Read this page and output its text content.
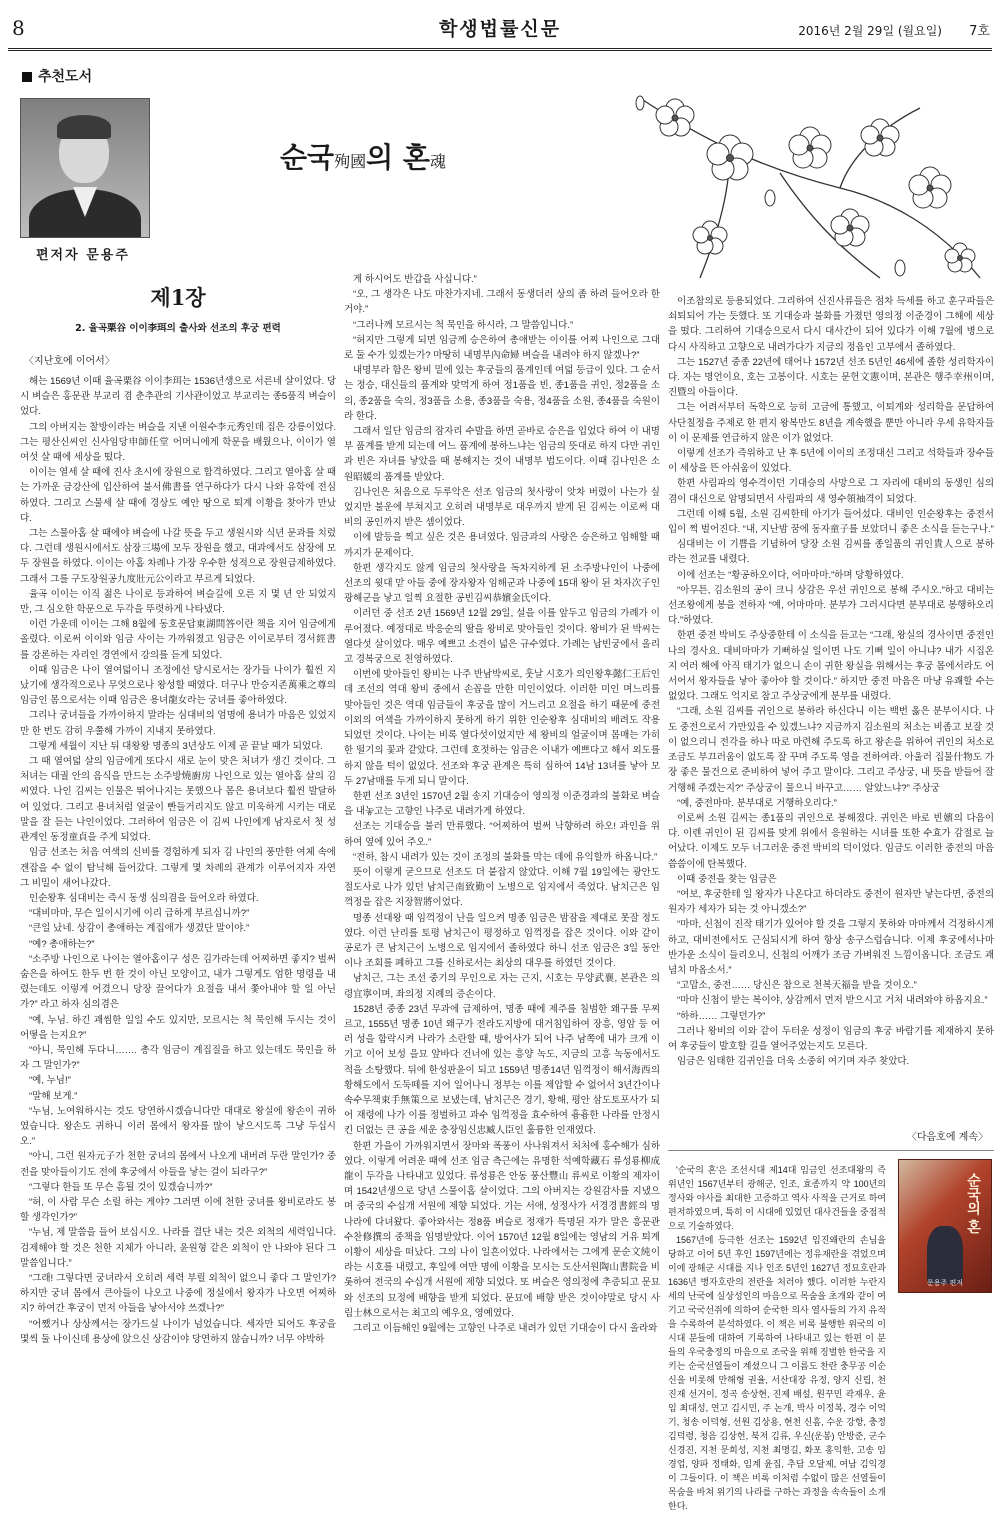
8	학생법률신문	2016년 2월 29일 (월요일) 7호
추천도서
편저자 문용주
순국殉國의 혼魂
제1장
2. 율곡栗谷 이이李珥의 출사와 선조의 후궁 편력
〈지난호에 이어서〉

해는 1569년 이때 율곡栗谷 이이李珥는 1536년생으로 서른네 살이었다. 당시 벼슬은 홍문관 부교리 겸 춘추관의 기사관이었고 부교리는 종5품직 벼슬이었다.

그의 아버지는 찰방이라는 벼슬을 지낸 이원수李元秀인데 집은 강릉이었다. 그는 평산신씨인 신사임당申師任堂 어머니에게 학문을 배웠으나, 이이가 열여섯 살 때에 세상을 떴다.

이이는 열세 살 때에 진사 초시에 장원으로 합격하였다. 그리고 열아홉 살 때는 가까운 금강산에 입산하여 불서佛書를 연구하다가 다시 나와 유학에 전심하였다. 그리고 스물세 살 때에 경상도 예안 땅으로 퇴계 이황을 찾아가 만났다.

그는 스물아홉 살 때에야 벼슬에 나갈 뜻을 두고 생원시와 식년 문과를 치렀다. 그런데 생원시에서도 삼장三場에 모두 장원을 했고, 대과에서도 삼장에 모두 장원을 하였다. 이이는 아홉 차례나 가장 우수한 성적으로 장원급제하였다. 그래서 그를 구도장원공九度壯元公이라고 부르게 되었다.

율곡 이이는 이직 젊은 나이로 등과하여 벼슬길에 오른 지 몇 년 안 되었지만, 그 심오한 학문으로 두각을 뚜렷하게 나타냈다.

이런 가운데 이이는 그해 8월에 동호문답東湖問答이란 책을 지어 임금에게 올렸다. 이로써 이이와 임금 사이는 가까워졌고 임금은 이이로부터 경서經書를 강론하는 자리인 경연에서 강의를 듣게 되었다.

이때 임금은 나이 열여덟이니 조정에선 당시로서는 장가들 나이가 훨씬 지났기에 생각적으로나 무엇으로나 왕성할 때였다. 더구나 만승지존萬乘之尊의 임금인 몸으로서는 이때 임금은 용녀龍女라는 궁녀를 좋아하였다.

그리나 궁녀들을 가까이하지 말라는 심대비의 엄명에 용녀가 마음은 있었지만 한 번도 감히 우쭐해 가까이 지내지 못하였다.

그렇게 세월이 지난 뒤 대왕왕 명종의 3년상도 이제 곧 끝날 때가 되었다.

그 때 열여덟 살의 임금에게 또다시 새로 눈이 맞은 처녀가 생긴 것이다. 그 처녀는 대궐 안의 음식을 만드는 소주방燒廚房 나인으로 있는 열아홉 살의 김씨였다. 나인 김씨는 인물은 뛰어나지는 못했으나 몸은 용녀보다 훨씬 발달하여 있었다. 그리고 용녀처럼 얼굴이 빤들거리지도 않고 미욱하게 시키는 대로 말을 잘 듣는 나인이었다. 그러하여 임금은 이 김씨 나인에게 남자로서 첫 성관계인 동정童貞을 주게 되었다.

임금 선조는 처음 여색의 신비를 경험하게 되자 김 나인의 풍만한 여체 속에 겐잡을 수 없이 탐닉해 들어갔다. 그렇게 몇 차례의 관계가 이루어지자 자연 그 비밀이 새어나갔다.

인순왕후 심대비는 즉시 동생 심의겸을 들어오라 하였다.

“대비마마, 무슨 일이시기에 이리 급하게 부르십니까?”

“큰일 났네. 상감이 총애하는 계집애가 생겼단 말이야.”

“예? 총애하는?”

“소주방 나인으로 나이는 열아홉이구 성은 김가라는데 어찌하면 좋지? 벌써 숨은을 하여도 한두 번 한 것이 아닌 모양이고, 내가 그렇게도 엄한 명령을 내렸는데도 이렇게 어겼으니 당장 끌어다가 요절을 내서 쫓아내야 할 일 아닌가?” 라고 하자 심의겸은

“예, 누님. 하긴 괘씸한 일일 수도 있지만, 모르시는 척 묵인해 두시는 것이 어떻을 는지요?”

“아니, 묵인해 두다니……. 총각 임금이 계집질을 하고 있는데도 묵인을 하자 그 말인가?”

“예, 누님!”

“말해 보게.”

“누님, 노여워하시는 것도 당연하시겠습니다만 대대로 왕실에 왕손이 귀하였습니다. 왕손도 귀하니 이러 몸에서 왕자를 많이 낳으시도록 그냥 두십시오.”

“아니, 그런 원자元子가 천한 궁녀의 몸에서 나오게 내버려 두란 말인가? 중전을 맞아들이기도 전에 후궁에서 아들을 낳는 걸이 되라구?”

“그렇다 한들 또 무슨 흠될 것이 있겠습니까?”

“허, 이 사람 무슨 소릴 하는 게야? 그러면 이에 천한 궁녀를 왕비로라도 봉할 생각인가?”

“누님, 제 말씀을 들어 보십시오. 나라를 결단 내는 것은 외척의 세력입니다. 검제해야 할 것은 천한 지체가 아니라, 윤원형 같은 외척이 안 나와야 된다 그 말씀입니다.”

“그래! 그렇다면 궁녀라서 오히려 세력 부릴 외척이 없으니 좋다 그 말인가? 하지만 궁녀 몸에서 큰아들이 나오고 나중에 정실에서 왕자가 나오면 어찌하지? 하여간 후궁이 먼저 아들을 낳아서야 쓰겠나?”

“어쨌거나 상상께서는 장가드실 나이가 넘었습니다. 세자만 되어도 후궁을 몇씩 둘 나이신데 용상에 앉으신 상감이야 당연하지 않습니까? 너무 야박하

게 하시어도 반갑을 사십니다.”

“오, 그 생각은 나도 마찬가지네. 그래서 동생더러 상의 좀 하려 들어오라 한 거야.”

“그러나께 모르시는 척 묵인을 하시라, 그 말씀입니다.”

“허지만 그렇게 되면 임금께 승은하여 총애받는 이이를 어찌 나인으로 그대로 둘 수가 있겠는가? 마땅히 내명부內命婦 벼슬을 내려야 하지 않겠나?”

내명부라 함은 왕비 밑에 있는 후궁들의 품계인데 여덟 등급이 있다. 그 순서는 정승, 대신들의 품계와 맞먹게 하여 정1품을 빈, 종1품을 귀인, 정2품을 소의, 종2품을 숙의, 정3품을 소용, 종3품을 숙용, 정4품을 소원, 종4품을 숙원이라 한다.

그래서 일단 임금의 잠자리 수발을 하면 곧바로 승은을 입었다 하여 이 내명부 품계를 받게 되는데 여느 품계에 봉하느냐는 임금의 뜻대로 하지 다만 귀인과 빈은 자녀를 낳았을 때 봉해지는 것이 내명부 법도이다. 이때 김나인은 소원昭媛의 품계를 받았다.

김나인은 처음으로 두루악은 선조 임금의 첫사랑이 앗차 버렸이 나는가 싶었지만 불운에 부쳐지고 오히려 내명부로 대우까지 받게 된 김씨는 이로써 대비의 공인까지 받은 셈이었다.

이에 발등을 찍고 싶은 것은 용녀였다. 임금과의 사랑은 승은하고 임해할 때까지가 문제이다.

한편 생각지도 않게 임금의 첫사랑을 독차지하게 된 소주방나인이 나중에 선조의 윗대 맏 아들 중에 장자왕자 임해군과 나중에 15대 왕이 된 차자次子인 광해군을 낳고 일찍 요절한 공빈김씨恭嬪金氏이다.

이러던 중 선조 2년 1569년 12월 29일, 설을 이를 앞두고 임금의 가례가 이루어졌다. 예정대로 박응순의 딸을 왕비로 맞아들인 것이다. 왕비가 된 박씨는 열다섯 살이었다. 매우 예쁘고 소견이 넓은 규수였다. 가례는 납빈궁에서 올리고 경복궁으로 친영하였다.

이번에 맞아들인 왕비는 나주 반남박씨로, 훗날 시호가 의인왕후懿仁王后인데 조선의 역대 왕비 중에서 손꼽을 만한 미인이었다. 이러한 미인 며느리를 맞아들인 것은 역대 임금들이 후궁을 많이 거느리고 요절을 하기 때문에 중전 이외의 여색을 가까이하지 못하게 하기 위한 인순왕후 심대비의 배려도 작용되었던 것이다. 나이는 비록 열다섯이었지만 세 왕비의 얼굴이며 몸매는 가히 한 떨기의 꽃과 같았다. 그런데 호젓하는 임금은 이내가 예쁘다고 해서 외도를 하지 않을 턱이 없었다. 선조와 후궁 관계은 특히 심하여 14남 13녀를 낳아 모두 27남매를 두게 되니 말이다.

한편 선조 3년인 1570년 2월 송지 기대승이 영의정 이준경과의 불화로 벼슬을 내놓고는 고향인 나주로 내려가게 하였다.

선조는 기대승을 불러 만류했다. “어찌하여 벌써 낙향하려 하오! 과인을 위하여 옆에 있어 주오.”

“전하, 참시 내려가 있는 것이 조정의 불화를 막는 데에 유익할까 하옵니다.”

뜻이 이렇게 굳으므로 선조도 더 붙잡지 않았다. 이해 7월 19일에는 광안도 절도사로 나가 있던 남치근南致勤이 노병으로 임지에서 죽었다. 남치근은 임꺽정을 잡은 지장智將이었다.

명종 선대왕 때 임꺽정이 난을 일으켜 명종 임금은 밤잠을 제대로 못잘 정도였다. 이런 난리를 토평 남치근이 평정하고 임꺽정을 잡은 것이다. 이와 같이 공로가 큰 남치근이 노병으로 임지에서 졸하였다 하니 선조 임금은 3일 동안이나 조회를 폐하고 그를 신하로서는 최상의 대우를 하였던 것이다.

남치근, 그는 조선 중기의 무인으로 자는 근지, 시호는 무양武襄, 본관은 의령宜寧이며, 좌의정 지례의 증손이다.

1528년 중종 23년 무과에 급제하여, 명종 때에 제주를 침범한 왜구를 무찌르고, 1555년 명종 10년 왜구가 전라도지방에 대거침입하여 장흥, 영암 등 여러 성을 함락시켜 나라가 소란할 때, 방어사가 되어 나주 남쪽에 내가 크게 이기고 이어 보성 을묘 앞바다 건너에 있는 흥양 녹도, 지금의 고흥 녹동에서도 적을 소탕했다. 뒤에 한성판윤이 되고 1559년 명종14년 임꺽정이 해서海西의 황해도에서 도둑떼를 지어 일어나니 정부는 이를 제압할 수 없어서 3년간이나 속수무책束手無策으로 보냈는데, 남치근은 경기, 황해, 평안 삼도토포사가 되어 재령에 나가 이를 정벌하고 과수 임꺽정을 효수하여 흉흉한 나라를 안정시킨 더없는 큰 공을 세운 충장임신忠臧人臣인 훌륭한 인재였다.

한편 가을이 가까워지면서 장마와 폭풍이 사나워져서 처처에 홍수해가 심하였다. 이렇게 어려운 때에 선조 임금 측근에는 유명한 석예학藏石 류성룡柳成龍이 두각을 나타내고 있었다. 류성룡은 안동 풍산豐山 류씨로 이황의 제자이며 1542년생으로 당년 스물이홉 살이었다. 그의 아버지는 강원감사를 지냈으며 중국의 수십개 서원에 제향 되었다. 기는 서애, 성정사가 서경경書經의 명나라에 다녀왔다. 좋아와서는 정8품 벼슬로 정재가 특명된 자가 말은 흥문관 수찬修撰의 중책을 임명받았다. 이어 1570년 12월 8일에는 영남의 거유 퇴계 이황이 세상을 떠났다. 그의 나이 일흔이었다. 나라에서는 그에게 문순文純이라는 시호를 내렸고, 후일에 여만 명에 이황을 모시는 도산서원陶山書院을 비롯하여 전국의 수십개 서원에 제향 되었다. 또 벼슬은 영의정에 추증되고 문묘와 선조의 묘정에 배향을 받게 되었다. 문묘에 배향 받은 것이야말로 당시 사림士林으로서는 최고의 예우요, 영예였다.

그리고 이듬해인 9월에는 고향인 나주로 내려가 있던 기대승이 다시 올라와

이조참의로 등용되었다. 그리하여 신진사류들은 점차 득세를 하고 훈구파들은 쇠퇴되어 가는 듯했다. 또 기대승과 불화를 가졌던 영의정 이준경이 그해에 세상을 떴다. 그리하여 기대승으로서 다시 대사간이 되어 있다가 이해 7월에 병으로 다시 사직하고 고향으로 내려가다가 지금의 정읍인 고부에서 졸하였다.

그는 1527년 중종 22년에 태어나 1572년 선조 5년인 46세에 졸한 성리학자이다. 자는 명언이요, 호는 고봉이다. 시호는 문헌文憲이며, 본관은 행주幸州이며, 진暨의 아들이다.

그는 어려서부터 독학으로 능히 고금에 통했고, 이퇴계와 성리학을 문답하여 사단칠정을 주제로 한 편지 왕복만도 8년을 계속했을 뿐만 아니라 우세 유학자들이 이 문제를 연급하지 않은 이가 없었다.

이렇게 선조가 즉위하고 난 후 5년에 이이의 조정대신 그리고 석학들과 장수들이 세상을 뜬 아쉬움이 있었다.

한편 사림파의 영수격이던 기대승의 사망으로 그 자리에 대비의 동생인 심의겸이 대신으로 암명되면서 사림파의 새 영수領袖격이 되었다.

그런데 이해 5월, 소원 김씨한테 아기가 들어섰다. 대비인 인순왕후는 중전서 입이 쩍 벌어진다. “내, 지난밤 꿈에 동자童子를 보았더니 좋은 소식을 듣는구나.”

심대비는 이 기쁨을 기념하여 당장 소원 김씨를 종일품의 귀인貴人으로 봉하라는 전교를 내렸다.

이에 선조는 “황공하오이다, 어마마마.”하며 당황하였다.

“아무튼, 김소원의 공이 크니 상감은 우선 귀인으로 봉해 주시오.”하고 대비는 선조왕에게 봉을 전하자 “예, 어마마마. 분부가 그러시다면 분부대로 봉행하오리다.”하였다.

한편 중전 박비도 주상중한테 이 소식을 듣고는 “그래, 왕실의 경사이면 중전인 나의 경사요. 대비마마가 기뻐하실 일이면 나도 기뻐 일이 아니냐? 내가 시집온 지 여러 해에 아직 태기가 없으니 손이 귀한 왕실을 위해서는 후궁 몸에서라도 어서어서 왕자들을 낳아 좋아야 할 것이다.” 하지만 중전 마음은 마냥 유쾌할 수는 없었다. 그래도 억지로 참고 주상궁에게 분부를 내렸다.

“그래, 소원 김씨를 귀인으로 봉하라 하신다니 이는 백번 옳은 분부이시다. 나도 중전으로서 가만있을 수 있겠느냐? 지금까지 김소원의 처소는 비좁고 보잘 것이 없으리니 전각을 하나 따로 마련해 주도록 하고 왕손을 위하여 귀인의 처소로 조금도 부끄러움이 없도록 잘 꾸며 주도록 영을 전하여라. 아울러 집물什物도 가장 좋은 물건으로 준비하여 넣어 주고 말이다. 그리고 주상궁, 내 뜻을 받들어 잘 거행해 주겠는지?” 주상궁이 물으니 바꾸고…… 알았느냐?” 주상궁

“예, 중전마마. 분부대로 거행하오리다.”

이로써 소원 김씨는 종1품의 귀인으로 봉해졌다. 귀인은 바로 빈嬪의 다음이다. 이렌 귀인이 된 김씨를 맞게 위에서 응원하는 시녀를 또한 수효가 감절로 늘어났다. 이제도 모두 너그러운 중전 박비의 덕이었다. 임금도 이러한 중전의 마음 씀씀이에 탄복했다.

이때 중전을 찾는 임금은

“여보, 후궁한테 일 왕자가 나온다고 하더라도 중전이 원자만 낳는다면, 중전의 원자가 세자가 되는 것 아니겠소?”

“마마, 신첩이 진작 태기가 있어야 할 것을 그렇지 못하와 마마께서 걱정하시게 하고, 대비전에서도 근심되시게 하여 항상 송구스럽습니다. 이제 후궁에서나마 반가운 소식이 들리오니, 신첩의 어깨가 조금 가벼워진 느낌이옵니다. 조금도 괘념치 마옵소서.”

“고맙소, 중전…… 당신은 참으로 천복天福을 받을 것이오.”

“마마 신첩이 받는 복이야, 상감께서 먼저 받으시고 거처 내려와야 하옵지요.”

“하하…… 그렇던가?”

그러나 왕비의 이와 같이 두터운 성정이 임금의 후궁 바람기를 제재하지 못하여 후궁들이 발호할 길을 열어주었는지도 모른다.

임금은 임태한 김귀인을 더욱 소중히 여기며 자주 찾았다.

〈다음호에 계속〉

'순국의 혼'은 조선시대 제14대 임금인 선조대왕의 즉위년인 1567년부터 광해군, 인조, 효종까지 약 100년의 정사와 야사를 최대한 고증하고 역사 사적을 근거로 하여 편저하였으며, 특히 이 시대에 있었던 대사건들을 중점적으로 기술하였다.

1567년에 등극한 선조는 1592년 임진왜란의 손님을 당하고 이어 5년 후인 1597년에는 정유재란을 겪었으며 이에 광해군 시대를 지나 인조 5년인 1627년 정묘호란과 1636년 병자호란의 전란을 처러야 했다. 이러한 누란지세의 난국에 실상성인의 마음으로 목숨을 초개와 같이 여기고 국국선쥐에 의하여 순국한 의사 열사들의 가지 유적을 수록하여 분석하였다. 이 책은 비록 불행한 위국의 이 시대 분들에 대하여 기록하여 나타내고 있는 한편 이 분들의 우국충정의 마음으로 조국을 위해 징벌한 한국을 지키는 순국선열들이 계셨으니 그 이름도 찬란 충무공 이순신을 비롯해 만해형 권율, 서산대장 유정, 양지 신립, 천진재 선거이, 정곡 송상현, 진제 배설, 원꾸민 곽재우, 윤임 최대성, 연고 김시민, 주 논개, 박사 이정복, 경수 이억기, 청송 이덕형, 선원 김상용, 현천 신흠, 수운 강항, 충정 김덕령, 청음 김상헌, 북저 김류, 우신(운봉) 안방준, 군수 신경진, 지천 문희성, 지천 최명길, 화포 홍익한, 고송 임경업, 양파 정태화, 임계 윤집, 추담 오달제, 여남 김익경이 그들이다. 이 책은 비록 이처럼 수없이 많은 선열들이 목숨을 바쳐 위기의 나라를 구하는 과정을 속속들이 소개한다.

순국의 혼
문용주 편저
